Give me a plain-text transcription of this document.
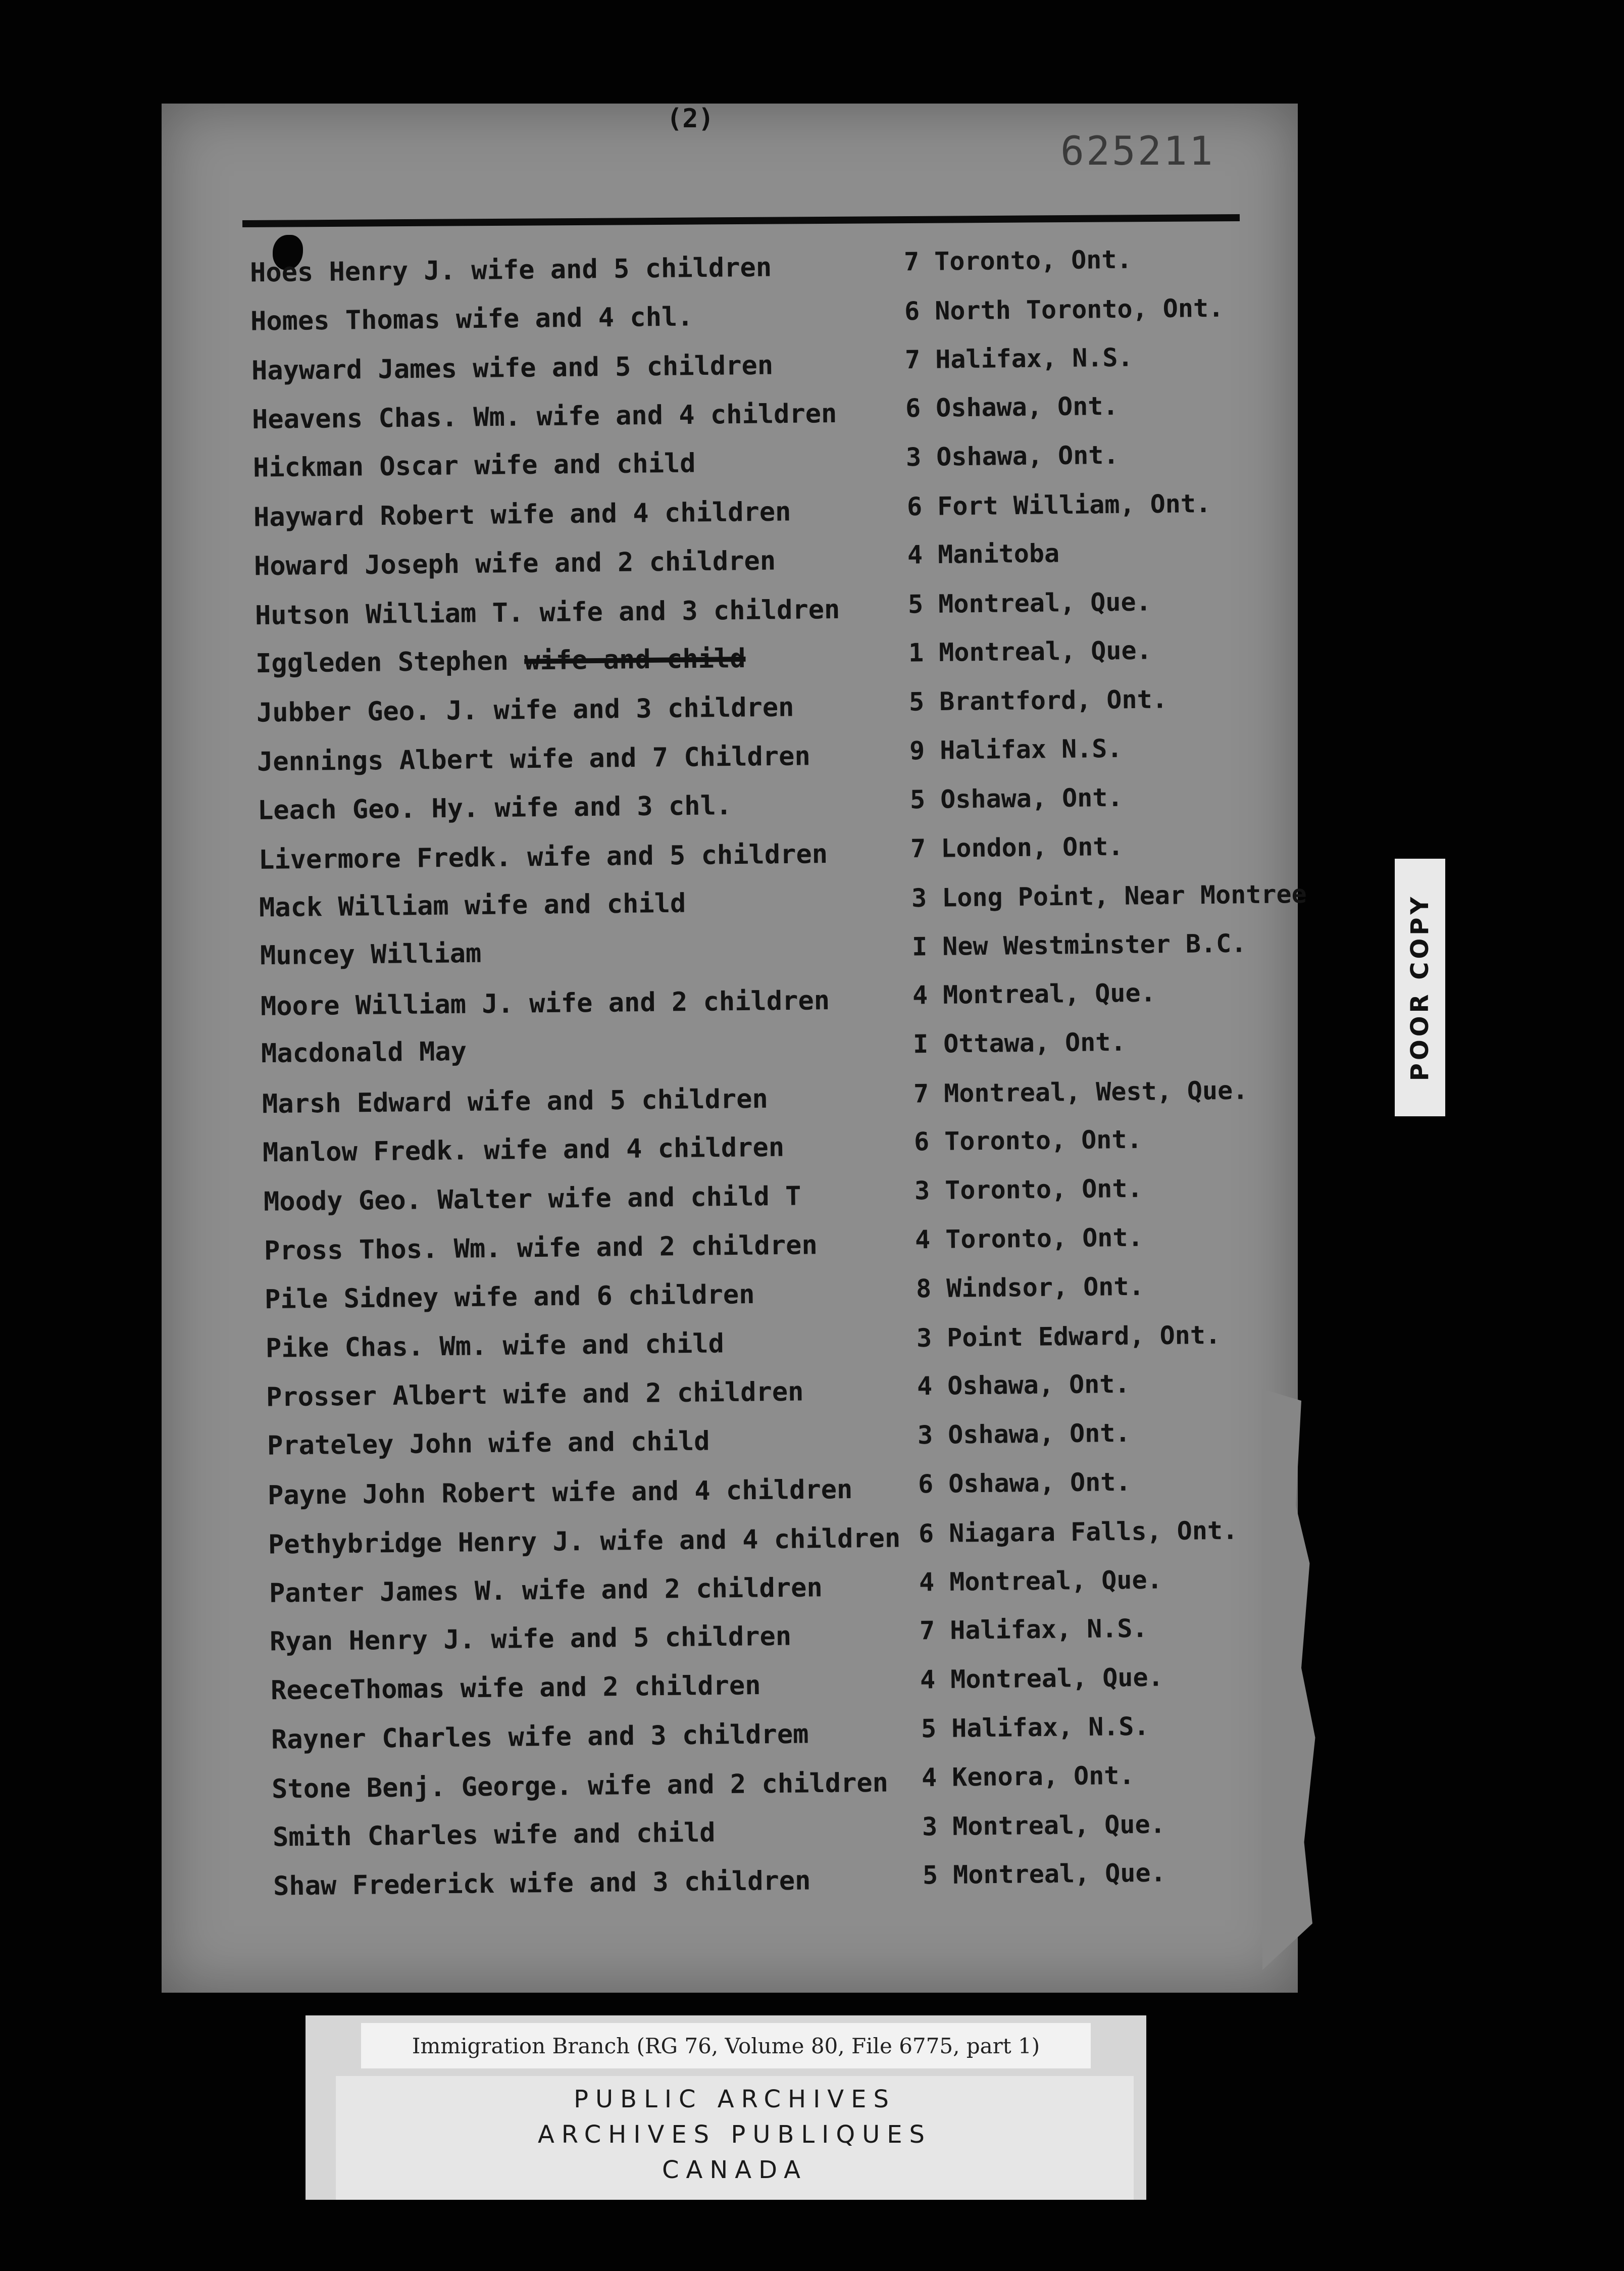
(2)
625211
Hoes Henry J. wife and 5 children	7 Toronto, Ont.
Homes Thomas wife and 4 chl.	6 North Toronto, Ont.
Hayward James wife and 5 children	7 Halifax, N.S.
Heavens Chas. Wm. wife and 4 children	6 Oshawa, Ont.
Hickman Oscar wife and child	3 Oshawa, Ont.
Hayward Robert wife and 4 children	6 Fort William, Ont.
Howard Joseph wife and 2 children	4 Manitoba
Hutson William T. wife and 3 children	5 Montreal, Que.
Iggleden Stephen wife and child	1 Montreal, Que.
Jubber Geo. J. wife and 3 children	5 Brantford, Ont.
Jennings Albert wife and 7 Children	9 Halifax N.S.
Leach Geo. Hy. wife and 3 chl.	5 Oshawa, Ont.
Livermore Fredk. wife and 5 children	7 London, Ont.
Mack William wife and child	3 Long Point, Near Montree
Muncey William	I New Westminster B.C.
Moore William J. wife and 2 children	4 Montreal, Que.
Macdonald May	I Ottawa, Ont.
Marsh Edward wife and 5 children	7 Montreal, West, Que.
Manlow Fredk. wife and 4 children	6 Toronto, Ont.
Moody Geo. Walter wife and child T	3 Toronto, Ont.
Pross Thos. Wm. wife and 2 children	4 Toronto, Ont.
Pile Sidney wife and 6 children	8 Windsor, Ont.
Pike Chas. Wm. wife and child	3 Point Edward, Ont.
Prosser Albert wife and 2 children	4 Oshawa, Ont.
Prateley John wife and child	3 Oshawa, Ont.
Payne John Robert wife and 4 children	6 Oshawa, Ont.
Pethybridge Henry J. wife and 4 children 6 Niagara Falls, Ont.
Panter James W. wife and 2 children	4 Montreal, Que.
Ryan Henry J. wife and 5 children	7 Halifax, N.S.
ReeceThomas wife and 2 children	4 Montreal, Que.
Rayner Charles wife and 3 childrem	5 Halifax, N.S.
Stone Benj. George. wife and 2 children 4 Kenora, Ont.
Smith Charles wife and child	3 Montreal, Que.
Shaw Frederick wife and 3 children	5 Montreal, Que.
POOR COPY
Immigration Branch (RG 76, Volume 80, File 6775, part 1)
PUBLIC ARCHIVES
ARCHIVES PUBLIQUES
CANADA
